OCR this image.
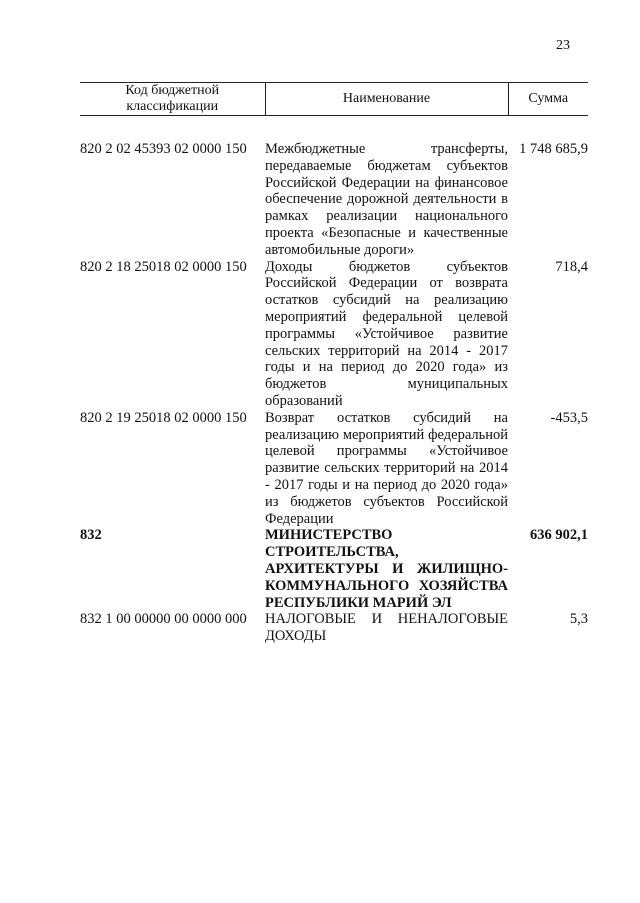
23
Код бюджетной классификации	Наименование	Сумма

820 2 02 45393 02 0000 150	Межбюджетные трансферты, передаваемые бюджетам субъектов Российской Федерации на финансовое обеспечение дорожной деятельности в рамках реализации национального проекта «Безопасные и качественные автомобильные дороги»	1 748 685,9
820 2 18 25018 02 0000 150	Доходы бюджетов субъектов Российской Федерации от возврата остатков субсидий на реализацию мероприятий федеральной целевой программы «Устойчивое развитие сельских территорий на 2014 - 2017 годы и на период до 2020 года» из бюджетов муниципальных образований	718,4
820 2 19 25018 02 0000 150	Возврат остатков субсидий на реализацию мероприятий федеральной целевой программы «Устойчивое развитие сельских территорий на 2014 - 2017 годы и на период до 2020 года» из бюджетов субъектов Российской Федерации	-453,5
832	МИНИСТЕРСТВО СТРОИТЕЛЬСТВА, АРХИТЕКТУРЫ И ЖИЛИЩНО-КОММУНАЛЬНОГО ХОЗЯЙСТВА РЕСПУБЛИКИ МАРИЙ ЭЛ	636 902,1
832 1 00 00000 00 0000 000	НАЛОГОВЫЕ И НЕНАЛОГОВЫЕ ДОХОДЫ	5,3
